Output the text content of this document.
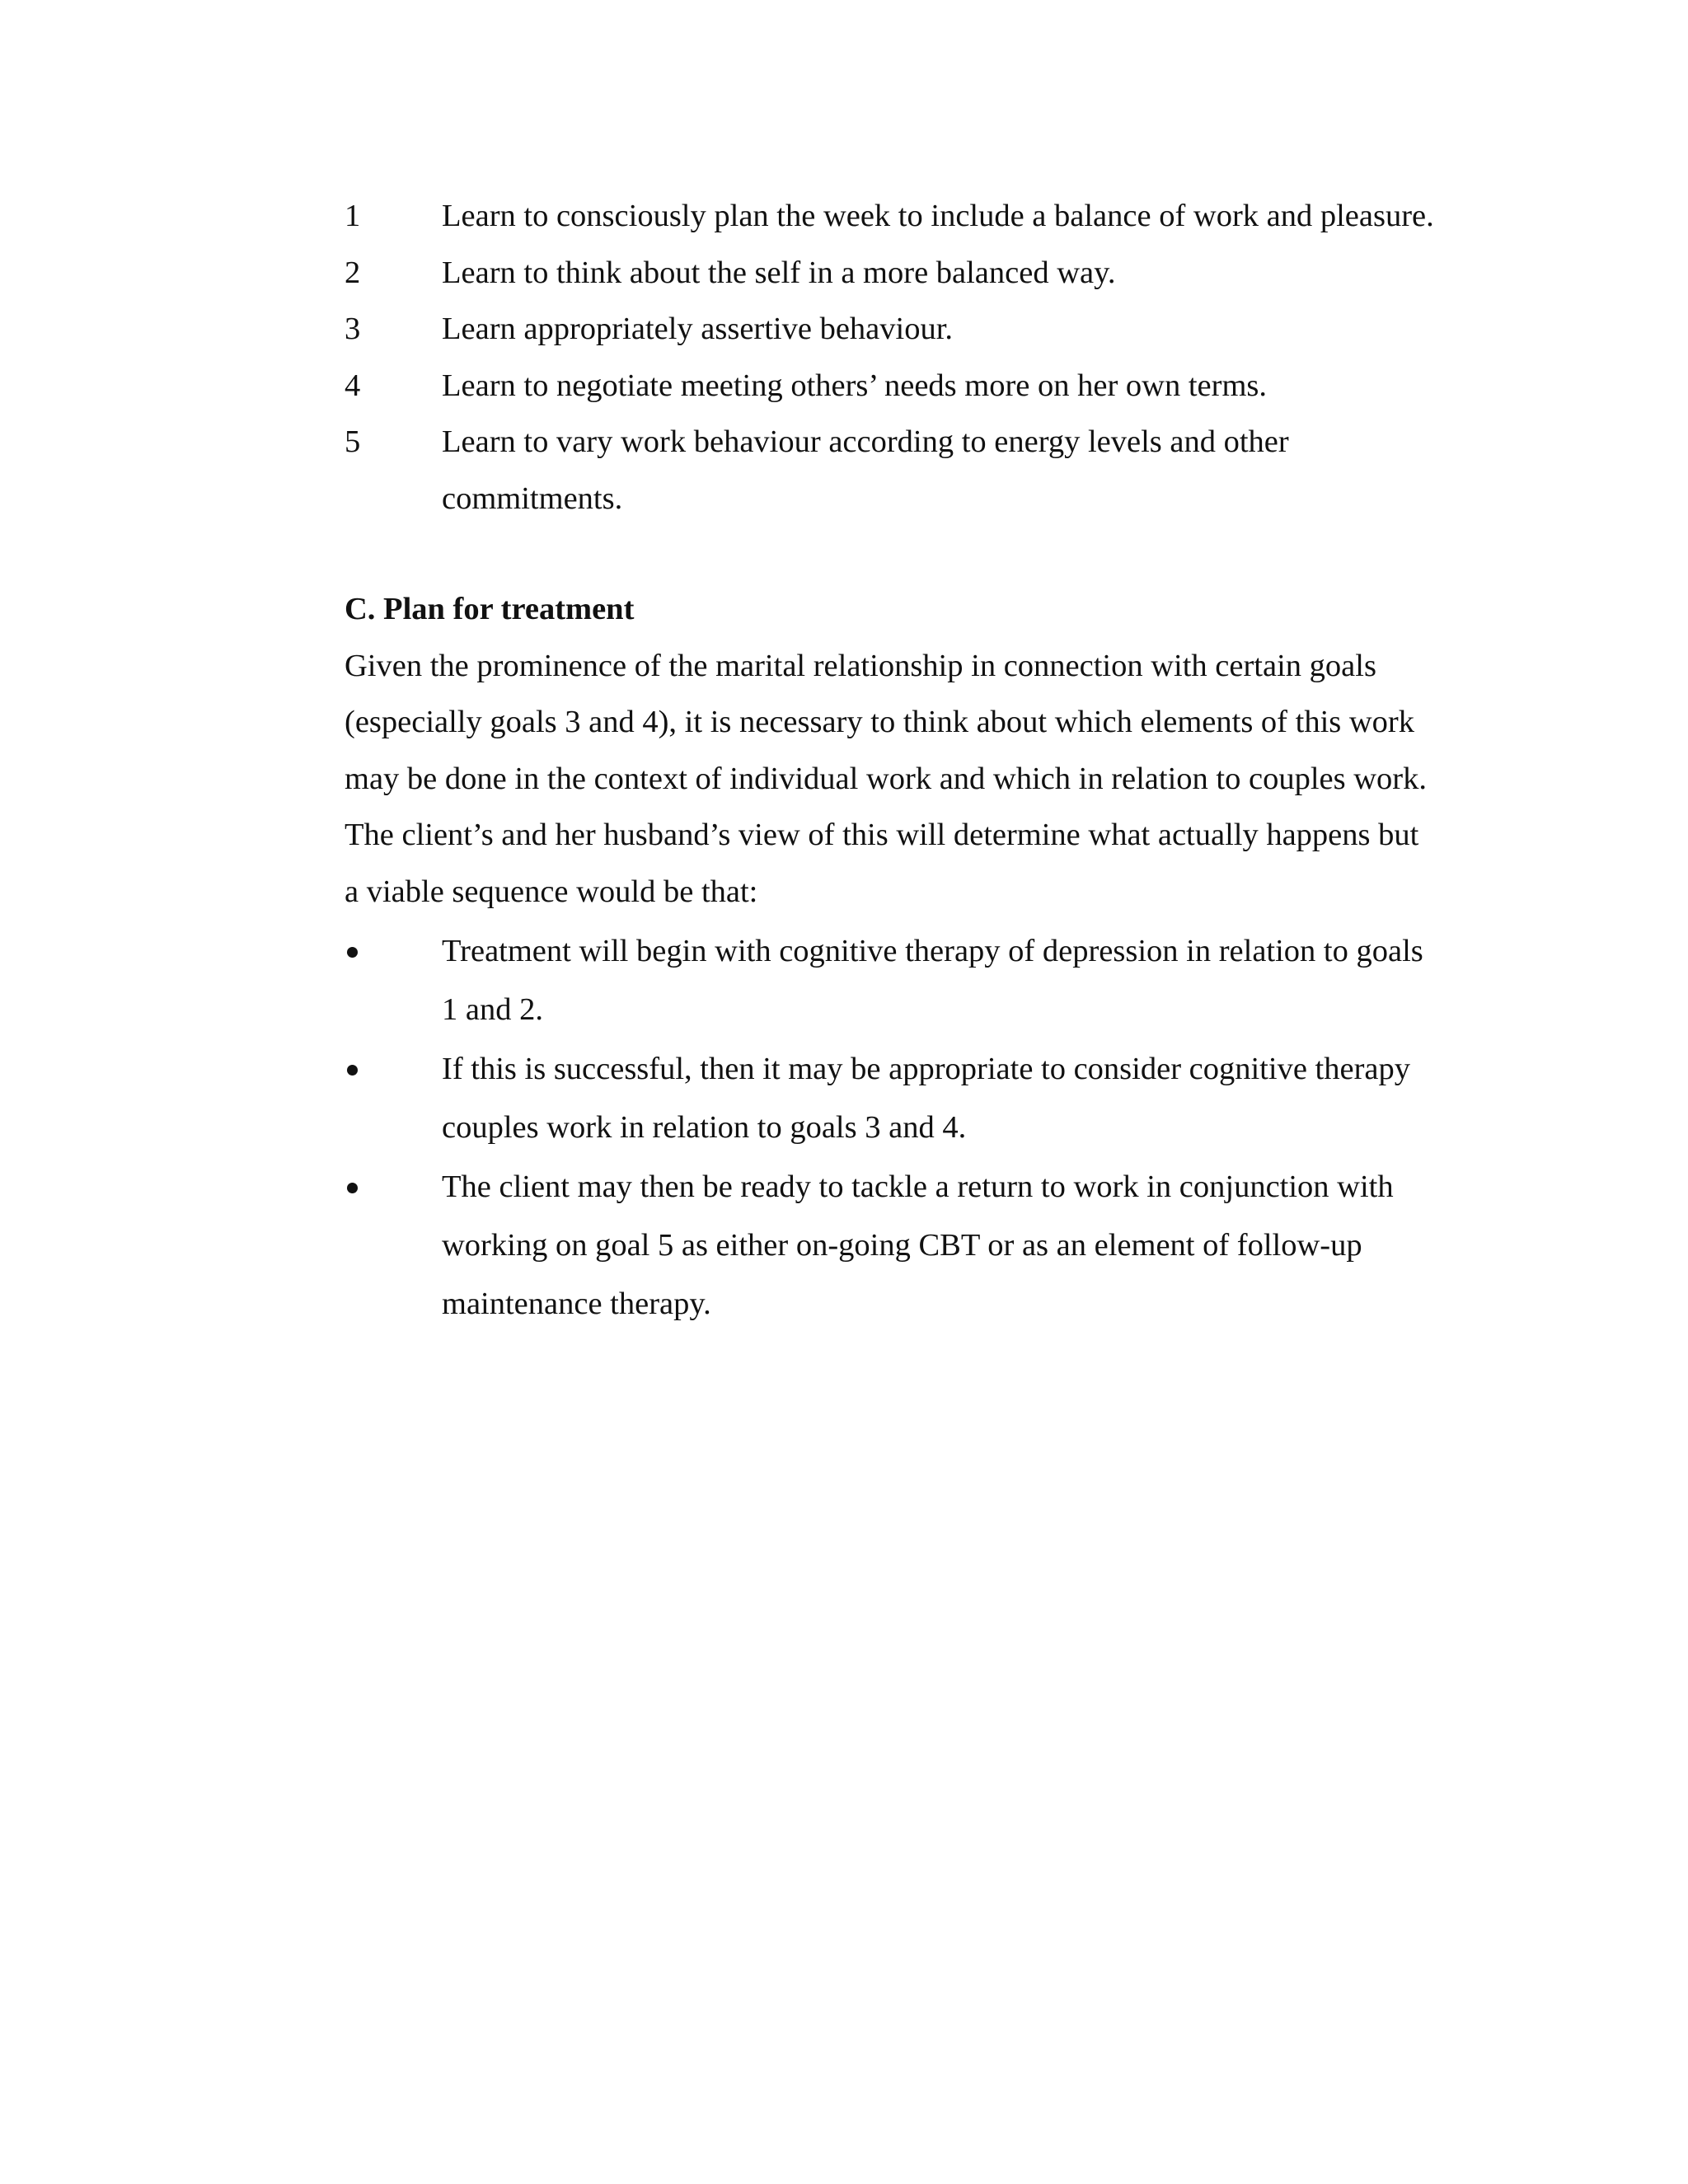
1	Learn to consciously plan the week to include a balance of work and pleasure.
2	Learn to think about the self in a more balanced way.
3	Learn appropriately assertive behaviour.
4	Learn to negotiate meeting others’ needs more on her own terms.
5	Learn to vary work behaviour according to energy levels and other commitments.
C. Plan for treatment
Given the prominence of the marital relationship in connection with certain goals (especially goals 3 and 4), it is necessary to think about which elements of this work may be done in the context of individual work and which in relation to couples work. The client’s and her husband’s view of this will determine what actually happens but a viable sequence would be that:
Treatment will begin with cognitive therapy of depression in relation to goals 1 and 2.
If this is successful, then it may be appropriate to consider cognitive therapy couples work in relation to goals 3 and 4.
The client may then be ready to tackle a return to work in conjunction with working on goal 5 as either on-going CBT or as an element of follow-up maintenance therapy.
